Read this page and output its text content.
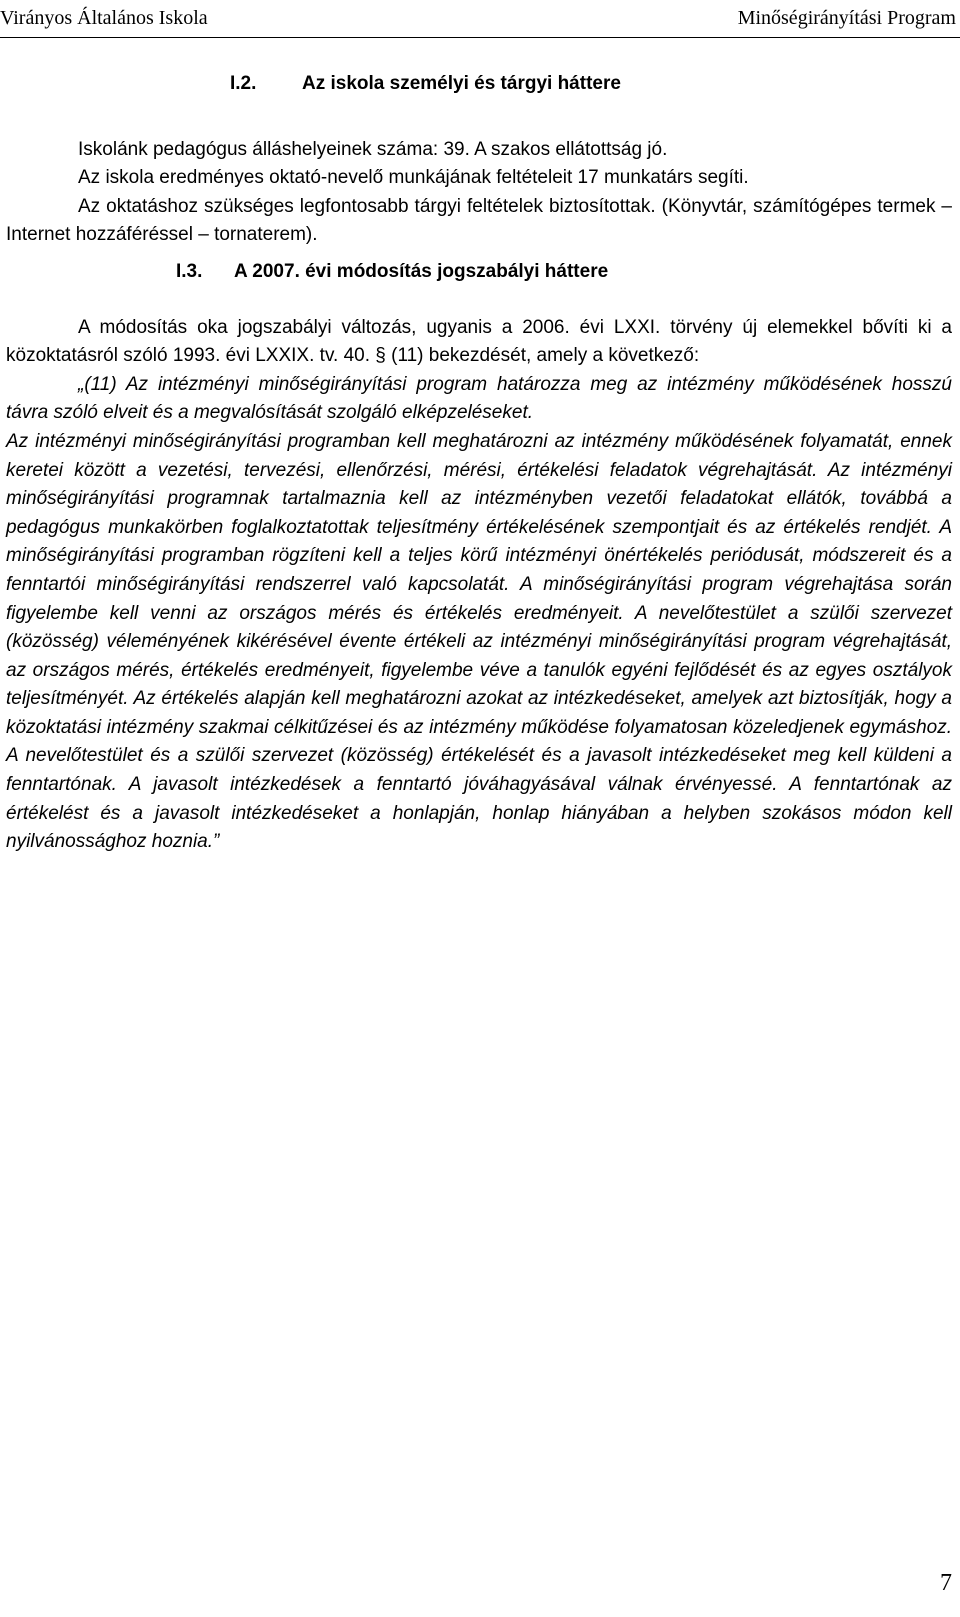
Virányos Általános Iskola	Minőségirányítási Program
I.2. Az iskola személyi és tárgyi háttere

Iskolánk pedagógus álláshelyeinek száma: 39. A szakos ellátottság jó.

Az iskola eredményes oktató-nevelő munkájának feltételeit 17 munkatárs segíti.

Az oktatáshoz szükséges legfontosabb tárgyi feltételek biztosítottak. (Könyvtár, számítógépes termek – Internet hozzáféréssel – tornaterem).

I.3. A 2007. évi módosítás jogszabályi háttere

A módosítás oka jogszabályi változás, ugyanis a 2006. évi LXXI. törvény új elemekkel bővíti ki a közoktatásról szóló 1993. évi LXXIX. tv. 40. § (11) bekezdését, amely a következő:

„(11) Az intézményi minőségirányítási program határozza meg az intézmény működésének hosszú távra szóló elveit és a megvalósítását szolgáló elképzeléseket.

Az intézményi minőségirányítási programban kell meghatározni az intézmény működésének folyamatát, ennek keretei között a vezetési, tervezési, ellenőrzési, mérési, értékelési feladatok végrehajtását. Az intézményi minőségirányítási programnak tartalmaznia kell az intézményben vezetői feladatokat ellátók, továbbá a pedagógus munkakörben foglalkoztatottak teljesítmény értékelésének szempontjait és az értékelés rendjét. A minőségirányítási programban rögzíteni kell a teljes körű intézményi önértékelés periódusát, módszereit és a fenntartói minőségirányítási rendszerrel való kapcsolatát. A minőségirányítási program végrehajtása során figyelembe kell venni az országos mérés és értékelés eredményeit. A nevelőtestület a szülői szervezet (közösség) véleményének kikérésével évente értékeli az intézményi minőségirányítási program végrehajtását, az országos mérés, értékelés eredményeit, figyelembe véve a tanulók egyéni fejlődését és az egyes osztályok teljesítményét. Az értékelés alapján kell meghatározni azokat az intézkedéseket, amelyek azt biztosítják, hogy a közoktatási intézmény szakmai célkitűzései és az intézmény működése folyamatosan közeledjenek egymáshoz. A nevelőtestület és a szülői szervezet (közösség) értékelését és a javasolt intézkedéseket meg kell küldeni a fenntartónak. A javasolt intézkedések a fenntartó jóváhagyásával válnak érvényessé. A fenntartónak az értékelést és a javasolt intézkedéseket a honlapján, honlap hiányában a helyben szokásos módon kell nyilvánossághoz hoznia.”

7
